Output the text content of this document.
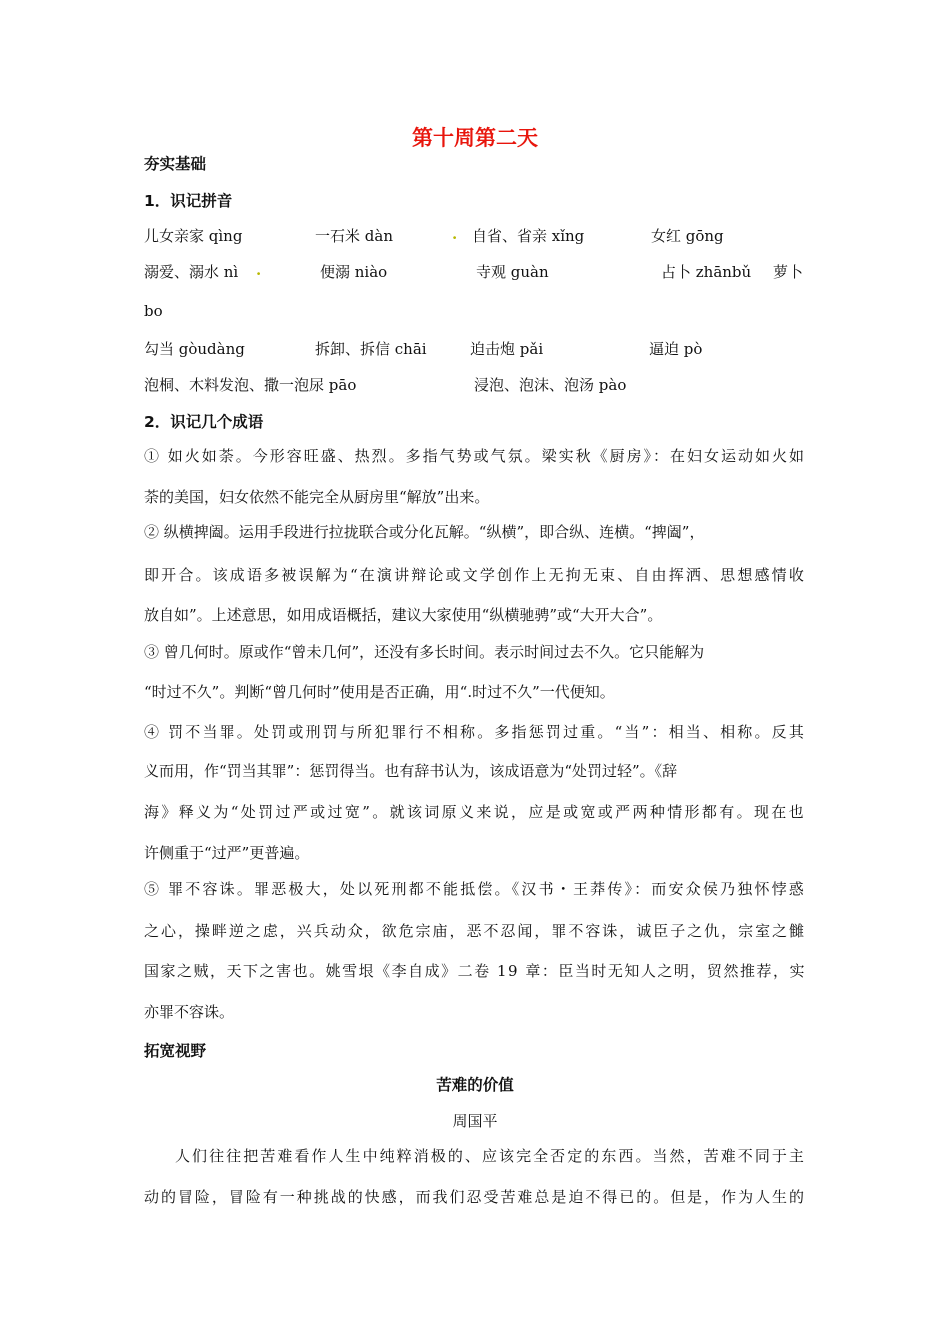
第十周第二天
夯实基础
1．识记拼音
儿女亲家 qìng	一石米 dàn	. 自省、省亲 xǐng	女红 gōng
溺爱、溺水 nì .	便溺 niào	寺观 guàn	占卜 zhānbǔ 萝卜
bo
勾当 gòudàng	拆卸、拆信 chāi	迫击炮 pǎi	逼迫 pò
泡桐、木料发泡、撒一泡尿 pāo	浸泡、泡沫、泡汤 pào
2．识记几个成语
① 如火如荼。今形容旺盛、热烈。多指气势或气氛。梁实秋《厨房》：在妇女运动如火如
荼的美国，妇女依然不能完全从厨房里“解放”出来。
② 纵横捭阖。运用手段进行拉拢联合或分化瓦解。“纵横”，即合纵、连横。“捭阖”，
即开合。该成语多被误解为“在演讲辩论或文学创作上无拘无束、自由挥洒、思想感情收
放自如”。上述意思，如用成语概括，建议大家使用“纵横驰骋”或“大开大合”。
③ 曾几何时。原或作“曾未几何”，还没有多长时间。表示时间过去不久。它只能解为
“时过不久”。判断“曾几何时”使用是否正确，用“.时过不久”一代便知。
④ 罚不当罪。处罚或刑罚与所犯罪行不相称。多指惩罚过重。“当”：相当、相称。反其
义而用，作“罚当其罪”：惩罚得当。也有辞书认为，该成语意为“处罚过轻”。《辞
海》释义为“处罚过严或过宽”。就该词原义来说，应是或宽或严两种情形都有。现在也
许侧重于“过严”更普遍。
⑤ 罪不容诛。罪恶极大，处以死刑都不能抵偿。《汉书・王莽传》：而安众侯乃独怀悖惑
之心，操畔逆之虑，兴兵动众，欲危宗庙，恶不忍闻，罪不容诛，诚臣子之仇，宗室之雠
国家之贼，天下之害也。姚雪垠《李自成》二卷 19 章：臣当时无知人之明，贸然推荐，实
亦罪不容诛。
拓宽视野
苦难的价值
周国平
人们往往把苦难看作人生中纯粹消极的、应该完全否定的东西。当然，苦难不同于主
动的冒险，冒险有一种挑战的快感，而我们忍受苦难总是迫不得已的。但是，作为人生的
